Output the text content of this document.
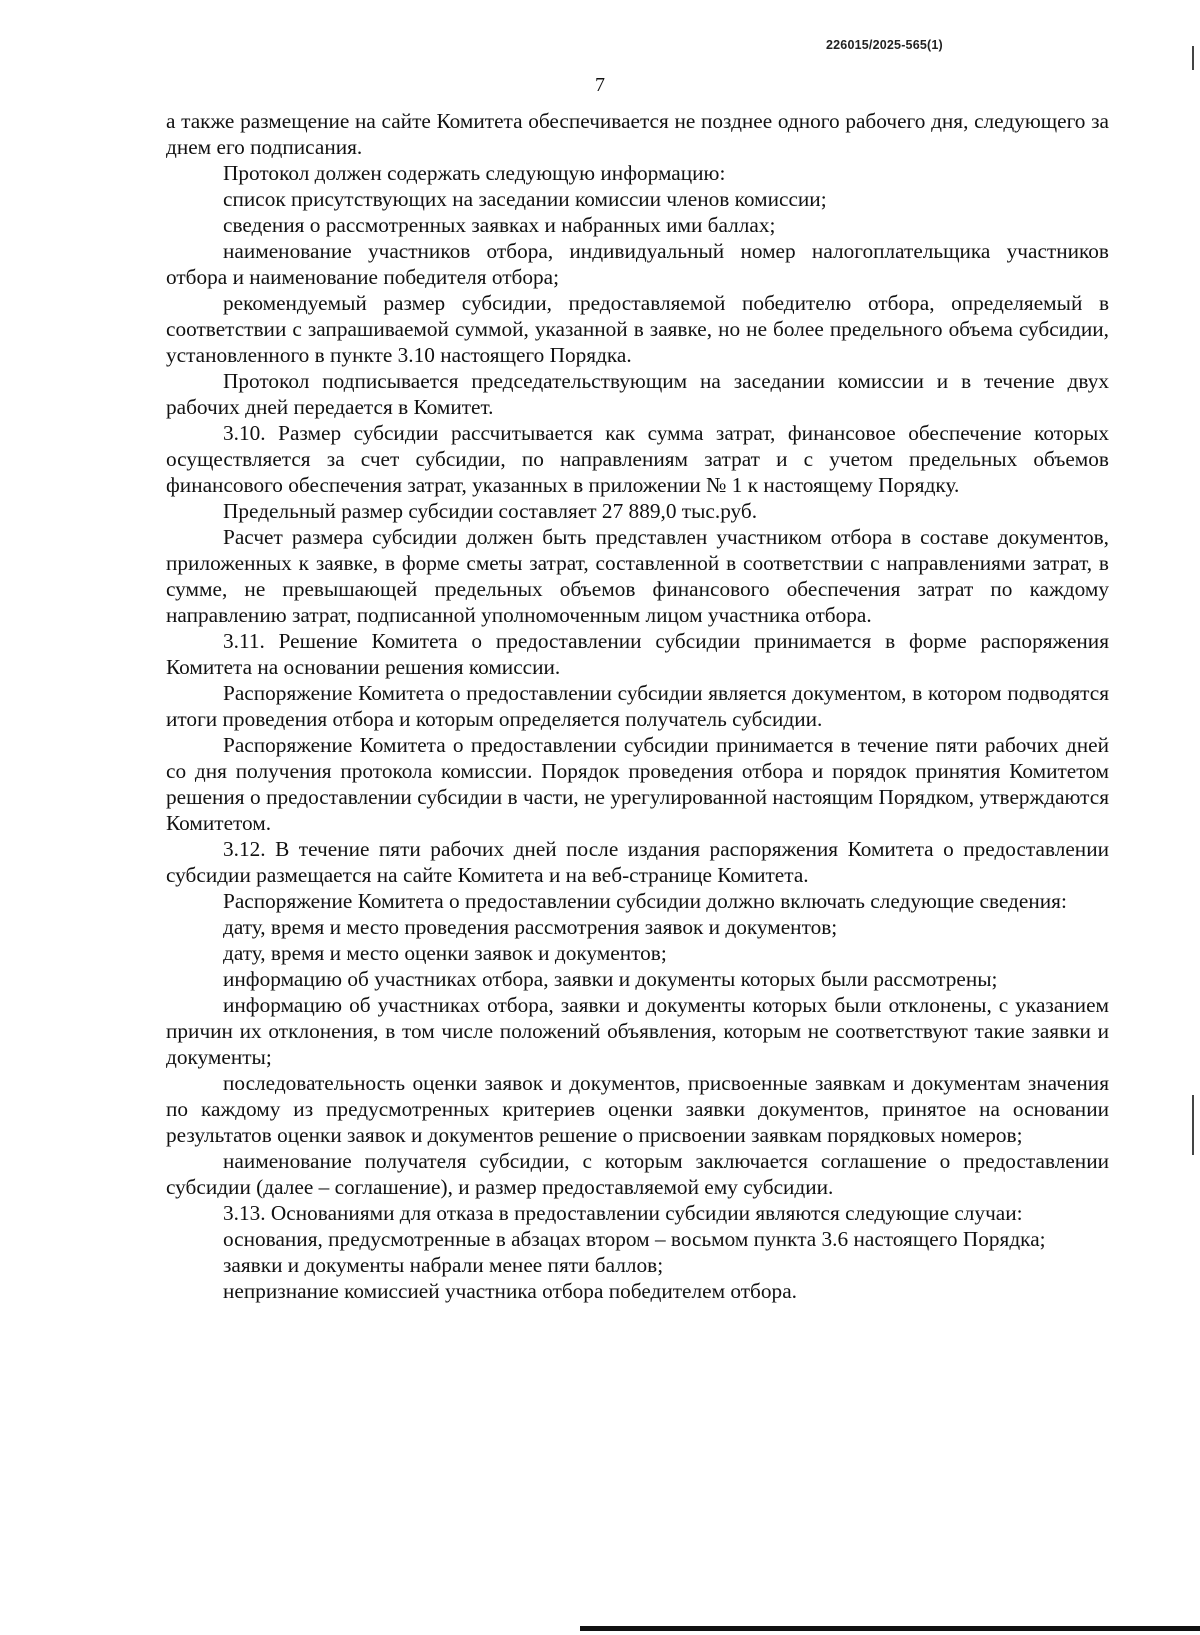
226015/2025-565(1)
7

а также размещение на сайте Комитета обеспечивается не позднее одного рабочего дня, следующего за днем его подписания.

Протокол должен содержать следующую информацию:

список присутствующих на заседании комиссии членов комиссии;

сведения о рассмотренных заявках и набранных ими баллах;

наименование участников отбора, индивидуальный номер налогоплательщика участников отбора и наименование победителя отбора;

рекомендуемый размер субсидии, предоставляемой победителю отбора, определяемый в соответствии с запрашиваемой суммой, указанной в заявке, но не более предельного объема субсидии, установленного в пункте 3.10 настоящего Порядка.

Протокол подписывается председательствующим на заседании комиссии и в течение двух рабочих дней передается в Комитет.

3.10. Размер субсидии рассчитывается как сумма затрат, финансовое обеспечение которых осуществляется за счет субсидии, по направлениям затрат и с учетом предельных объемов финансового обеспечения затрат, указанных в приложении № 1 к настоящему Порядку.

Предельный размер субсидии составляет 27 889,0 тыс.руб.

Расчет размера субсидии должен быть представлен участником отбора в составе документов, приложенных к заявке, в форме сметы затрат, составленной в соответствии с направлениями затрат, в сумме, не превышающей предельных объемов финансового обеспечения затрат по каждому направлению затрат, подписанной уполномоченным лицом участника отбора.

3.11. Решение Комитета о предоставлении субсидии принимается в форме распоряжения Комитета на основании решения комиссии.

Распоряжение Комитета о предоставлении субсидии является документом, в котором подводятся итоги проведения отбора и которым определяется получатель субсидии.

Распоряжение Комитета о предоставлении субсидии принимается в течение пяти рабочих дней со дня получения протокола комиссии. Порядок проведения отбора и порядок принятия Комитетом решения о предоставлении субсидии в части, не урегулированной настоящим Порядком, утверждаются Комитетом.

3.12. В течение пяти рабочих дней после издания распоряжения Комитета о предоставлении субсидии размещается на сайте Комитета и на веб-странице Комитета.

Распоряжение Комитета о предоставлении субсидии должно включать следующие сведения:

дату, время и место проведения рассмотрения заявок и документов;

дату, время и место оценки заявок и документов;

информацию об участниках отбора, заявки и документы которых были рассмотрены;

информацию об участниках отбора, заявки и документы которых были отклонены, с указанием причин их отклонения, в том числе положений объявления, которым не соответствуют такие заявки и документы;

последовательность оценки заявок и документов, присвоенные заявкам и документам значения по каждому из предусмотренных критериев оценки заявки документов, принятое на основании результатов оценки заявок и документов решение о присвоении заявкам порядковых номеров;

наименование получателя субсидии, с которым заключается соглашение о предоставлении субсидии (далее – соглашение), и размер предоставляемой ему субсидии.

3.13. Основаниями для отказа в предоставлении субсидии являются следующие случаи:

основания, предусмотренные в абзацах втором – восьмом пункта 3.6 настоящего Порядка;

заявки и документы набрали менее пяти баллов;

непризнание комиссией участника отбора победителем отбора.
